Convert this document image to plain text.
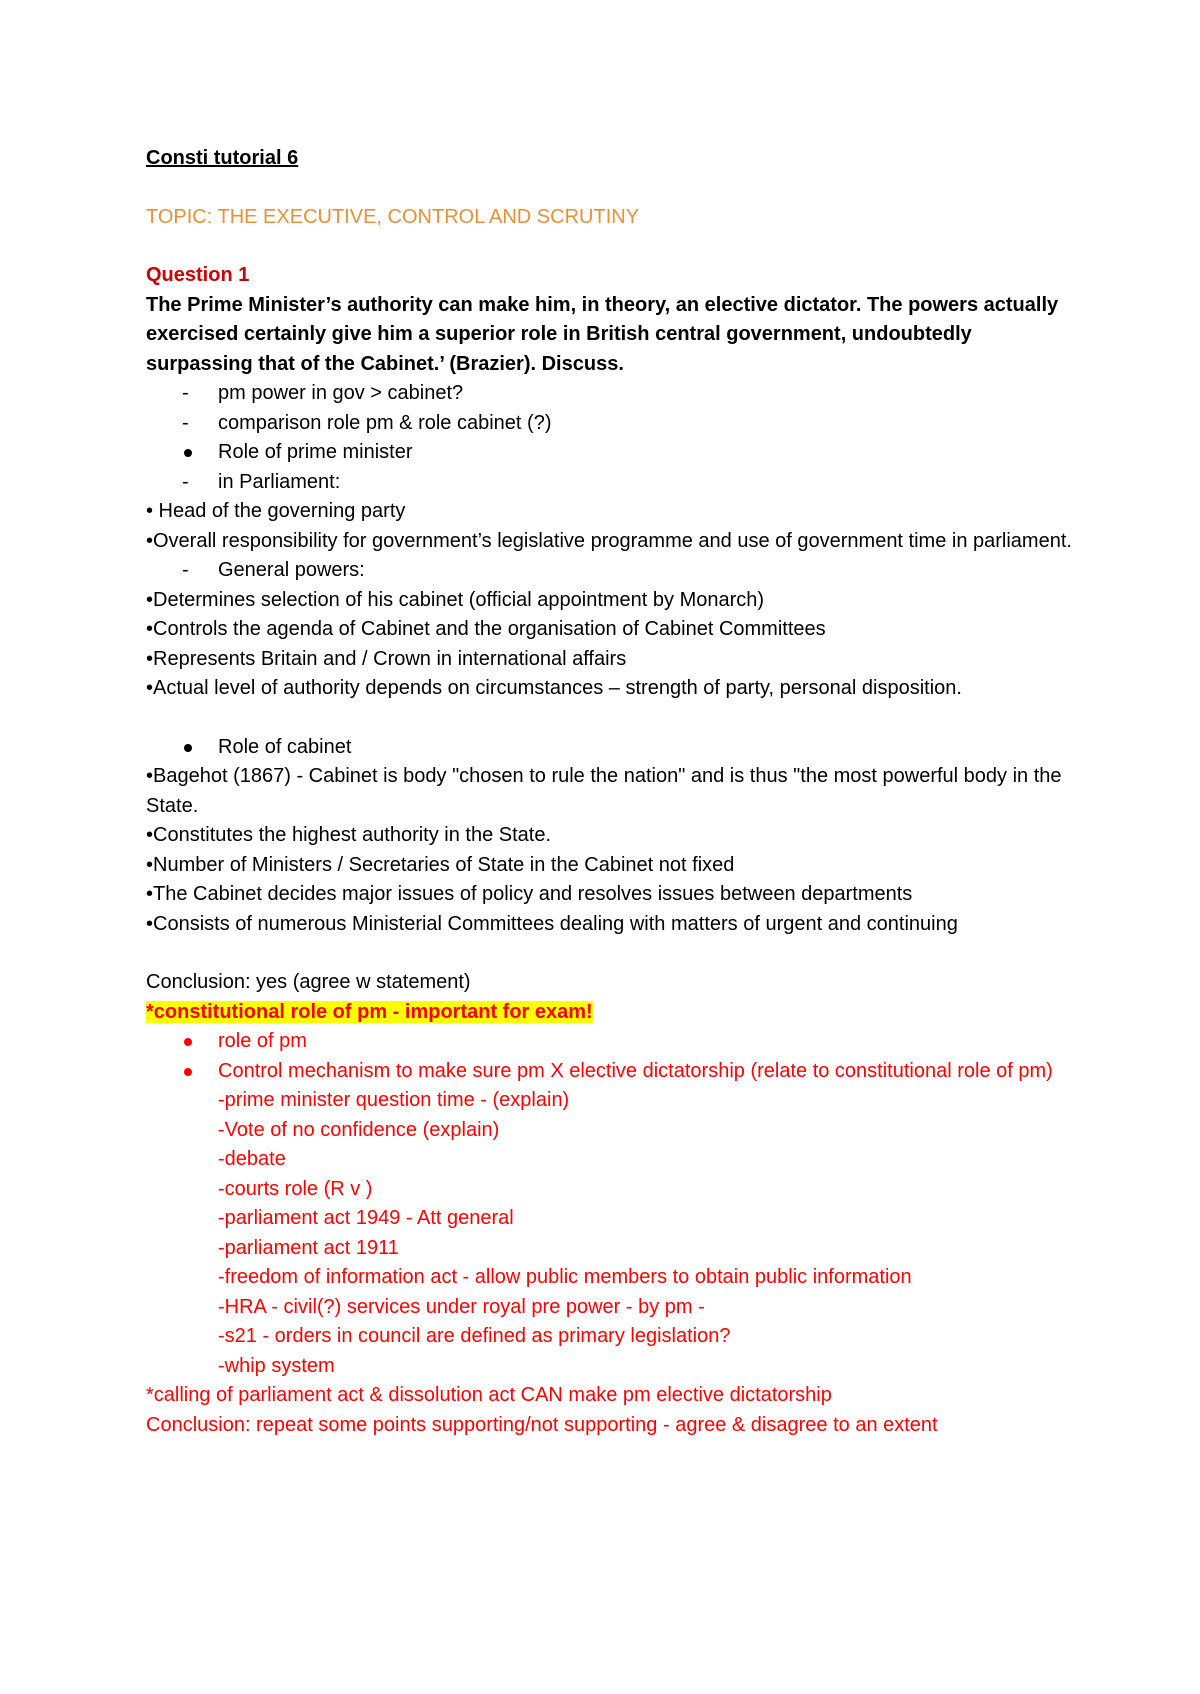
Consti tutorial 6

TOPIC: THE EXECUTIVE, CONTROL AND SCRUTINY

Question 1

The Prime Minister’s authority can make him, in theory, an elective dictator. The powers actually exercised certainly give him a superior role in British central government, undoubtedly surpassing that of the Cabinet.’ (Brazier). Discuss.

-	pm power in gov > cabinet?
-	comparison role pm & role cabinet (?)
Role of prime minister
-	in Parliament:

• Head of the governing party

•Overall responsibility for government’s legislative programme and use of government time in parliament.

-	General powers:

•Determines selection of his cabinet (official appointment by Monarch)

•Controls the agenda of Cabinet and the organisation of Cabinet Committees

•Represents Britain and / Crown in international affairs

•Actual level of authority depends on circumstances – strength of party, personal disposition.

Role of cabinet

•Bagehot (1867) - Cabinet is body "chosen to rule the nation" and is thus "the most powerful body in the State.

•Constitutes the highest authority in the State.

•Number of Ministers / Secretaries of State in the Cabinet not fixed

•The Cabinet decides major issues of policy and resolves issues between departments

•Consists of numerous Ministerial Committees dealing with matters of urgent and continuing

Conclusion: yes (agree w statement)

*constitutional role of pm - important for exam!

role of pm
Control mechanism to make sure pm X elective dictatorship (relate to constitutional role of pm)

-prime minister question time - (explain)

-Vote of no confidence (explain)

-debate

-courts role (R v )

-parliament act 1949 - Att general

-parliament act 1911

-freedom of information act - allow public members to obtain public information

-HRA - civil(?) services under royal pre power - by pm -

-s21 - orders in council are defined as primary legislation?

-whip system

*calling of parliament act & dissolution act CAN make pm elective dictatorship

Conclusion: repeat some points supporting/not supporting - agree & disagree to an extent
